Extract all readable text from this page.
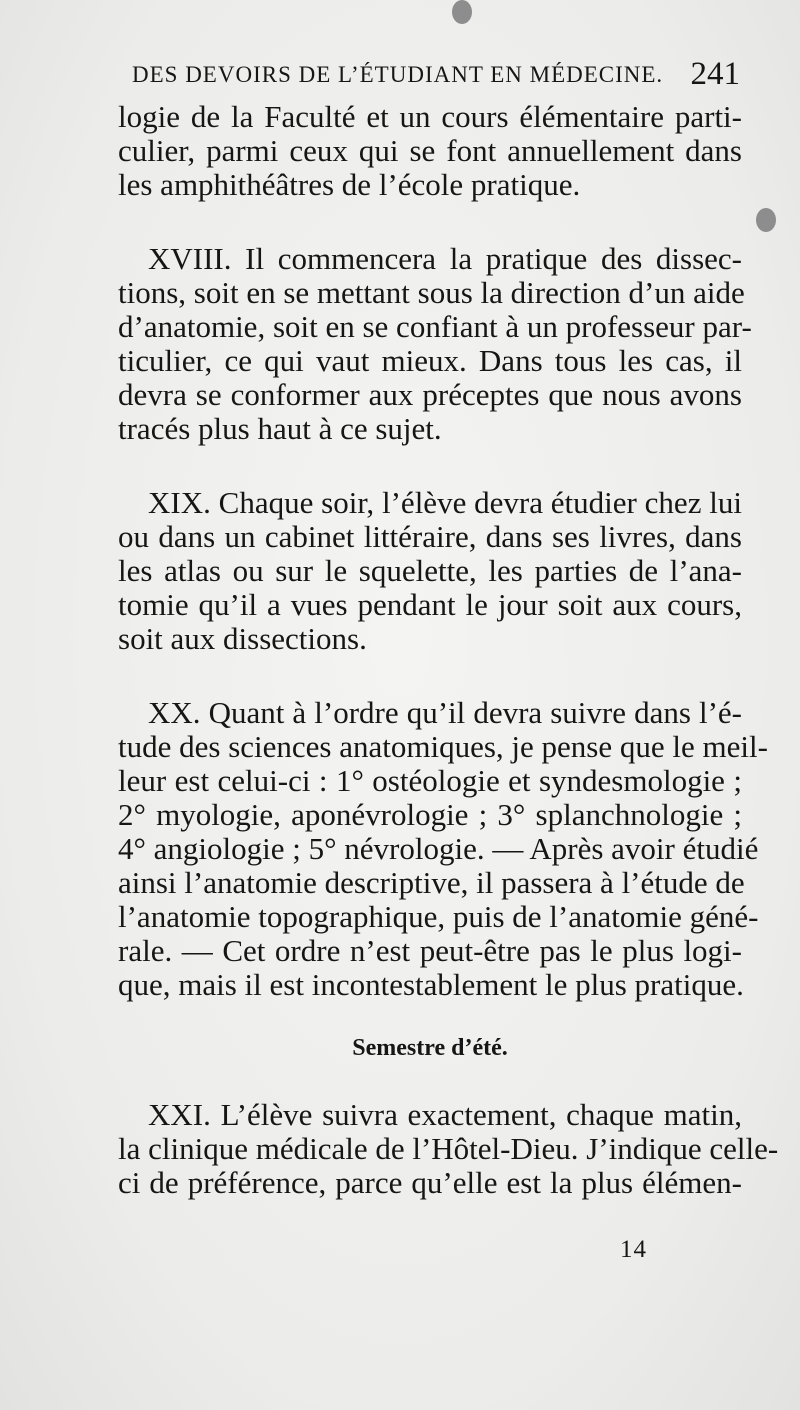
DES DEVOIRS DE L’ÉTUDIANT EN MÉDECINE. 241
logie de la Faculté et un cours élémentaire parti-
culier, parmi ceux qui se font annuellement dans
les amphithéâtres de l’école pratique.
XVIII. Il commencera la pratique des dissec-
tions, soit en se mettant sous la direction d’un aide
d’anatomie, soit en se confiant à un professeur par-
ticulier, ce qui vaut mieux. Dans tous les cas, il
devra se conformer aux préceptes que nous avons
tracés plus haut à ce sujet.
XIX. Chaque soir, l’élève devra étudier chez lui
ou dans un cabinet littéraire, dans ses livres, dans
les atlas ou sur le squelette, les parties de l’ana-
tomie qu’il a vues pendant le jour soit aux cours,
soit aux dissections.
XX. Quant à l’ordre qu’il devra suivre dans l’é-
tude des sciences anatomiques, je pense que le meil-
leur est celui-ci : 1° ostéologie et syndesmologie ;
2° myologie, aponévrologie ; 3° splanchnologie ;
4° angiologie ; 5° névrologie. — Après avoir étudié
ainsi l’anatomie descriptive, il passera à l’étude de
l’anatomie topographique, puis de l’anatomie géné-
rale. — Cet ordre n’est peut-être pas le plus logi-
que, mais il est incontestablement le plus pratique.
Semestre d’été.
XXI. L’élève suivra exactement, chaque matin,
la clinique médicale de l’Hôtel-Dieu. J’indique celle-
ci de préférence, parce qu’elle est la plus élémen-
14
